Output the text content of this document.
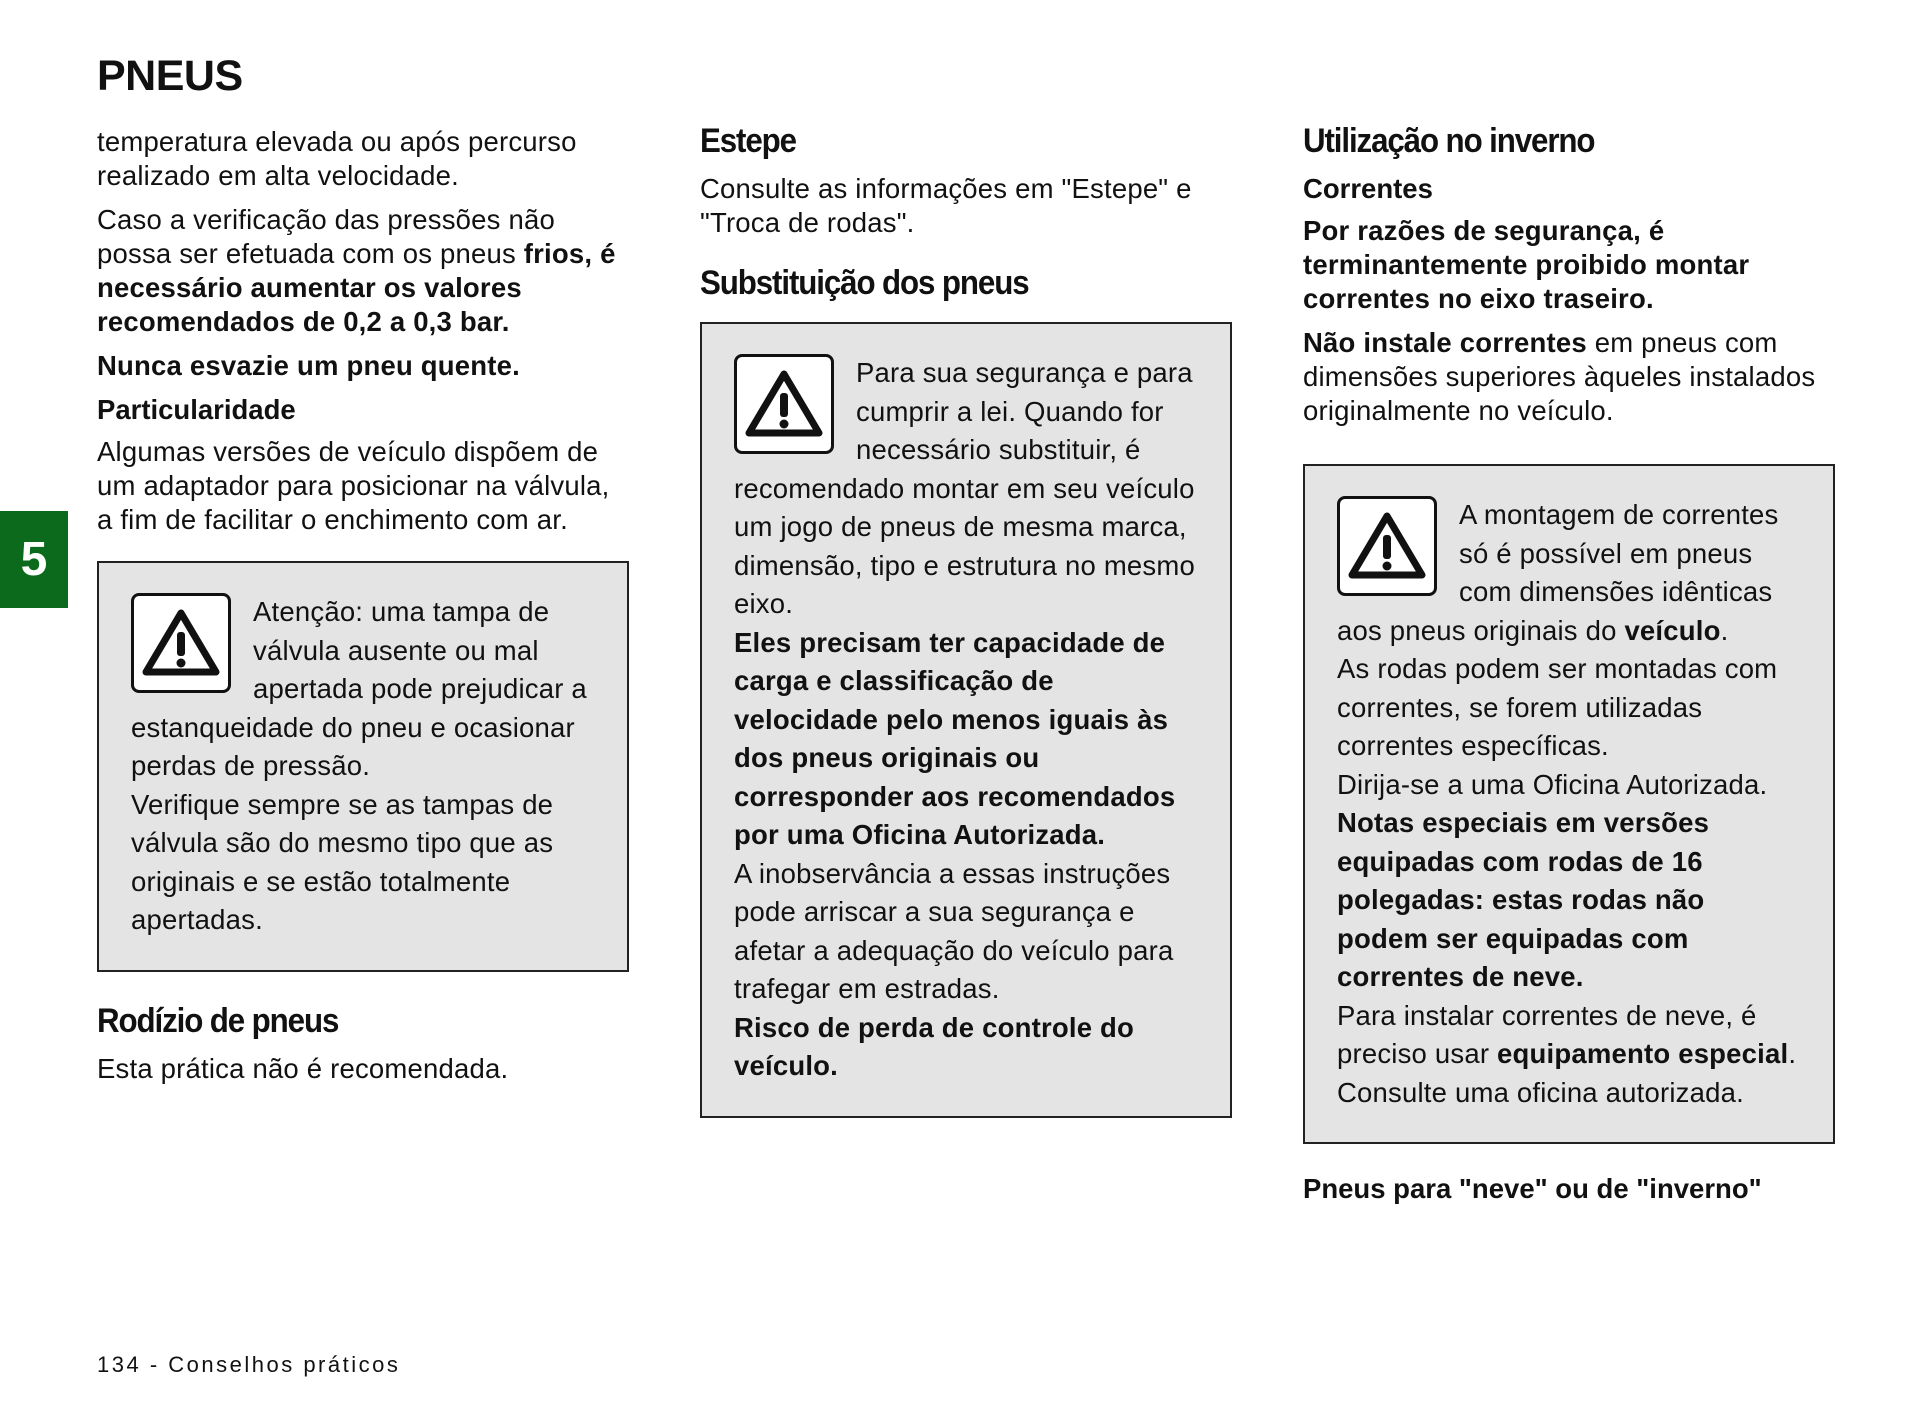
PNEUS
5

temperatura elevada ou após percurso realizado em alta velocidade.

Caso a verificação das pressões não possa ser efetuada com os pneus frios, é necessário aumentar os valores recomendados de 0,2 a 0,3 bar.

Nunca esvazie um pneu quente.

Particularidade

Algumas versões de veículo dispõem de um adaptador para posicionar na válvula, a fim de facilitar o enchimento com ar.

Atenção: uma tampa de válvula ausente ou mal apertada pode prejudicar a estanqueidade do pneu e ocasionar perdas de pressão.
Verifique sempre se as tampas de válvula são do mesmo tipo que as originais e se estão totalmente apertadas.

Rodízio de pneus

Esta prática não é recomendada.

Estepe

Consulte as informações em "Estepe" e "Troca de rodas".

Substituição dos pneus

Para sua segurança e para cumprir a lei. Quando for necessário substituir, é recomendado montar em seu veículo um jogo de pneus de mesma marca, dimensão, tipo e estrutura no mesmo eixo.
Eles precisam ter capacidade de carga e classificação de velocidade pelo menos iguais às dos pneus originais ou corresponder aos recomendados por uma Oficina Autorizada.
A inobservância a essas instruções pode arriscar a sua segurança e afetar a adequação do veículo para trafegar em estradas.
Risco de perda de controle do veículo.

Utilização no inverno
Correntes

Por razões de segurança, é terminantemente proibido montar correntes no eixo traseiro.

Não instale correntes em pneus com dimensões superiores àqueles instalados originalmente no veículo.

A montagem de correntes só é possível em pneus com dimensões idênticas aos pneus originais do veículo.
As rodas podem ser montadas com correntes, se forem utilizadas correntes específicas.
Dirija-se a uma Oficina Autorizada.
Notas especiais em versões equipadas com rodas de 16 polegadas: estas rodas não podem ser equipadas com correntes de neve.
Para instalar correntes de neve, é preciso usar equipamento especial.
Consulte uma oficina autorizada.

Pneus para "neve" ou de "inverno"
134 - Conselhos práticos
